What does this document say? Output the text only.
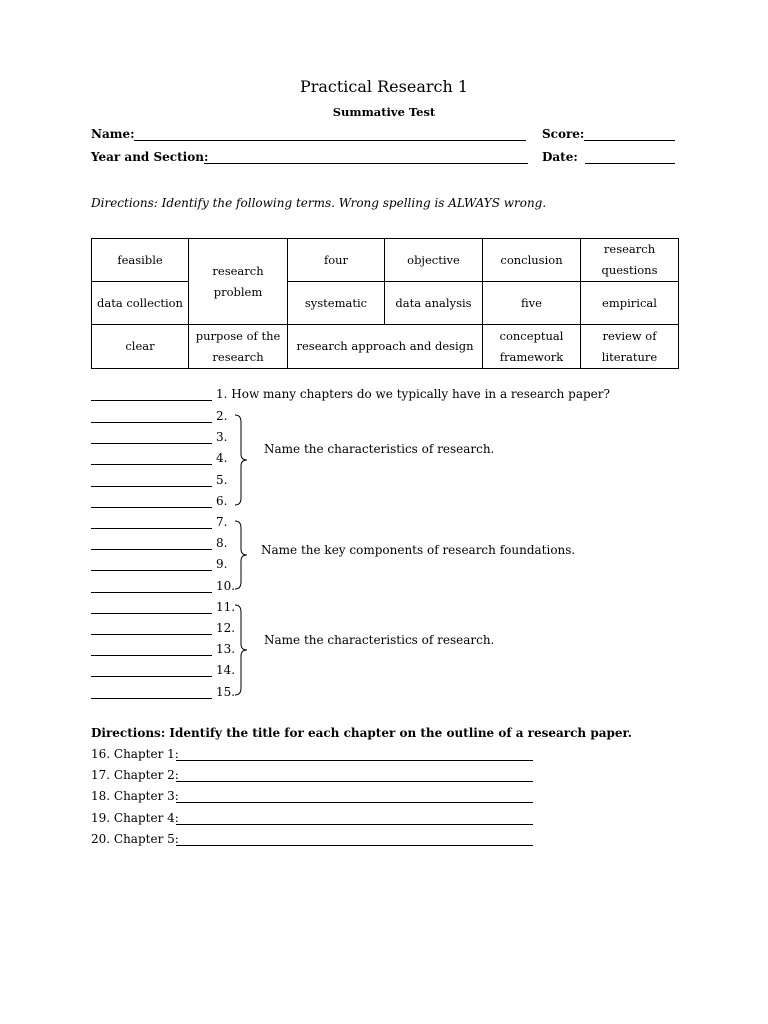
Practical Research 1
Summative Test
Name:	Score:
Year and Section:	Date:
Directions: Identify the following terms. Wrong spelling is ALWAYS wrong.
feasible	research problem	four	objective	conclusion	research questions
data collection		systematic	data analysis	five	empirical
clear	purpose of the research	research approach and design		conceptual framework	review of literature
1. How many chapters do we typically have in a research paper?
2.
3.
4.
5.
6.
7.
8.
9.
10.
11.
12.
13.
14.
15.
Name the characteristics of research.
Name the key components of research foundations.
Name the characteristics of research.
Directions: Identify the title for each chapter on the outline of a research paper.
16. Chapter 1:
17. Chapter 2:
18. Chapter 3:
19. Chapter 4:
20. Chapter 5:
